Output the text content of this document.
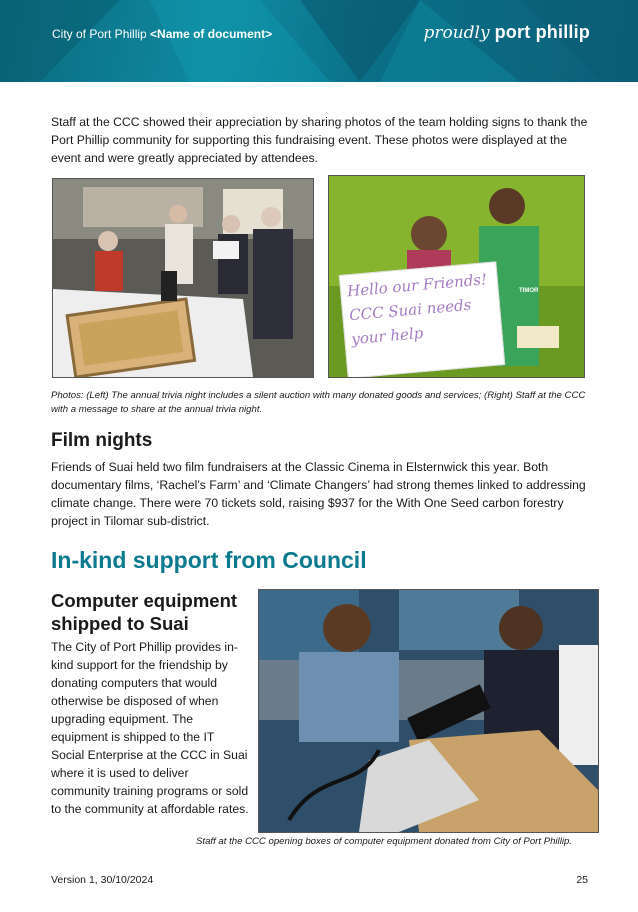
City of Port Phillip <Name of document>	proudly port phillip

Staff at the CCC showed their appreciation by sharing photos of the team holding signs to thank the Port Phillip community for supporting this fundraising event. These photos were displayed at the event and were greatly appreciated by attendees.

Hello our Friends!
CCC Suai needs
your help
TIMOR

Photos: (Left) The annual trivia night includes a silent auction with many donated goods and services; (Right) Staff at the CCC with a message to share at the annual trivia night.

Film nights

Friends of Suai held two film fundraisers at the Classic Cinema in Elsternwick this year. Both documentary films, ‘Rachel’s Farm’ and ‘Climate Changers’ had strong themes linked to addressing climate change. There were 70 tickets sold, raising $937 for the With One Seed carbon forestry project in Tilomar sub-district.

In-kind support from Council
Computer equipment shipped to Suai

The City of Port Phillip provides in-kind support for the friendship by donating computers that would otherwise be disposed of when upgrading equipment. The equipment is shipped to the IT Social Enterprise at the CCC in Suai where it is used to deliver community training programs or sold to the community at affordable rates.

Staff at the CCC opening boxes of computer equipment donated from City of Port Phillip.

Version 1, 30/10/2024	25
